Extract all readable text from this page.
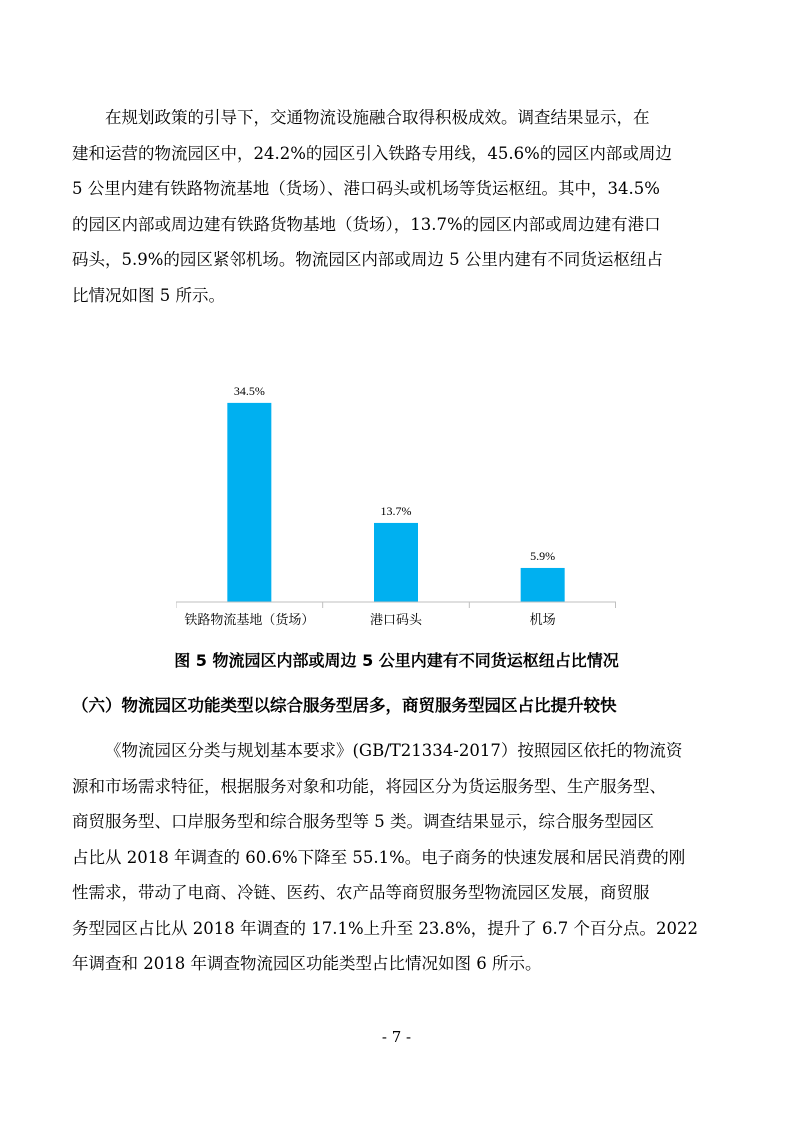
在规划政策的引导下，交通物流设施融合取得积极成效。调查结果显示，在
建和运营的物流园区中，24.2%的园区引入铁路专用线，45.6%的园区内部或周边
5 公里内建有铁路物流基地（货场）、港口码头或机场等货运枢纽。其中，34.5%
的园区内部或周边建有铁路货物基地（货场），13.7%的园区内部或周边建有港口
码头，5.9%的园区紧邻机场。物流园区内部或周边 5 公里内建有不同货运枢纽占
比情况如图 5 所示。
34.5%
铁路物流基地（货场）
13.7%
港口码头
5.9%
机场
图 5 物流园区内部或周边 5 公里内建有不同货运枢纽占比情况
（六）物流园区功能类型以综合服务型居多，商贸服务型园区占比提升较快
《物流园区分类与规划基本要求》(GB/T21334-2017）按照园区依托的物流资
源和市场需求特征，根据服务对象和功能，将园区分为货运服务型、生产服务型、
商贸服务型、口岸服务型和综合服务型等 5 类。调查结果显示，综合服务型园区
占比从 2018 年调查的 60.6%下降至 55.1%。电子商务的快速发展和居民消费的刚
性需求，带动了电商、冷链、医药、农产品等商贸服务型物流园区发展，商贸服
务型园区占比从 2018 年调查的 17.1%上升至 23.8%，提升了 6.7 个百分点。2022
年调查和 2018 年调查物流园区功能类型占比情况如图 6 所示。
- 7 -
